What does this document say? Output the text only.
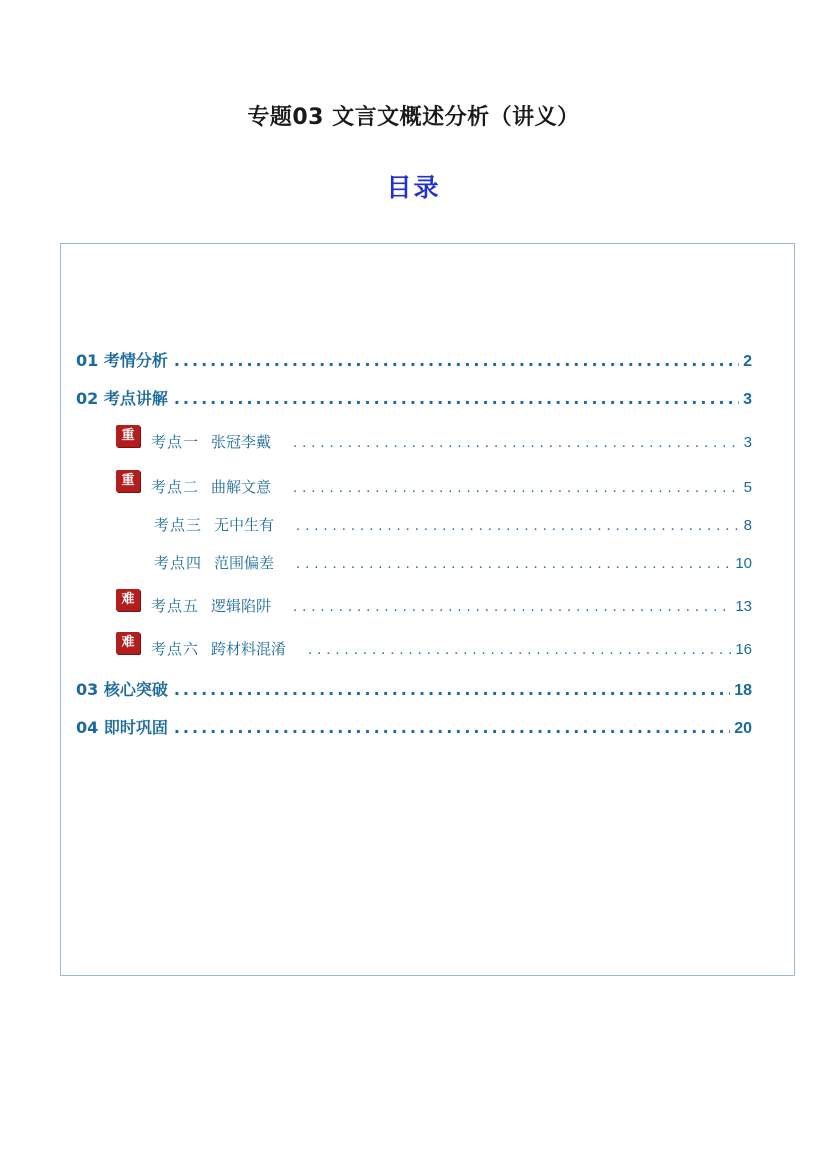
专题03 文言文概述分析（讲义）
目录
01 考情分析 .....	2
02 考点讲解 .....	3
重	考点一 张冠李戴 .....	3
重	考点二 曲解文意 .....	5
考点三 无中生有 .....	8
考点四 范围偏差 .....	10
难	考点五 逻辑陷阱 .....	13
难	考点六 跨材料混淆 .....	16
03 核心突破 .....	18
04 即时巩固 .....	20
